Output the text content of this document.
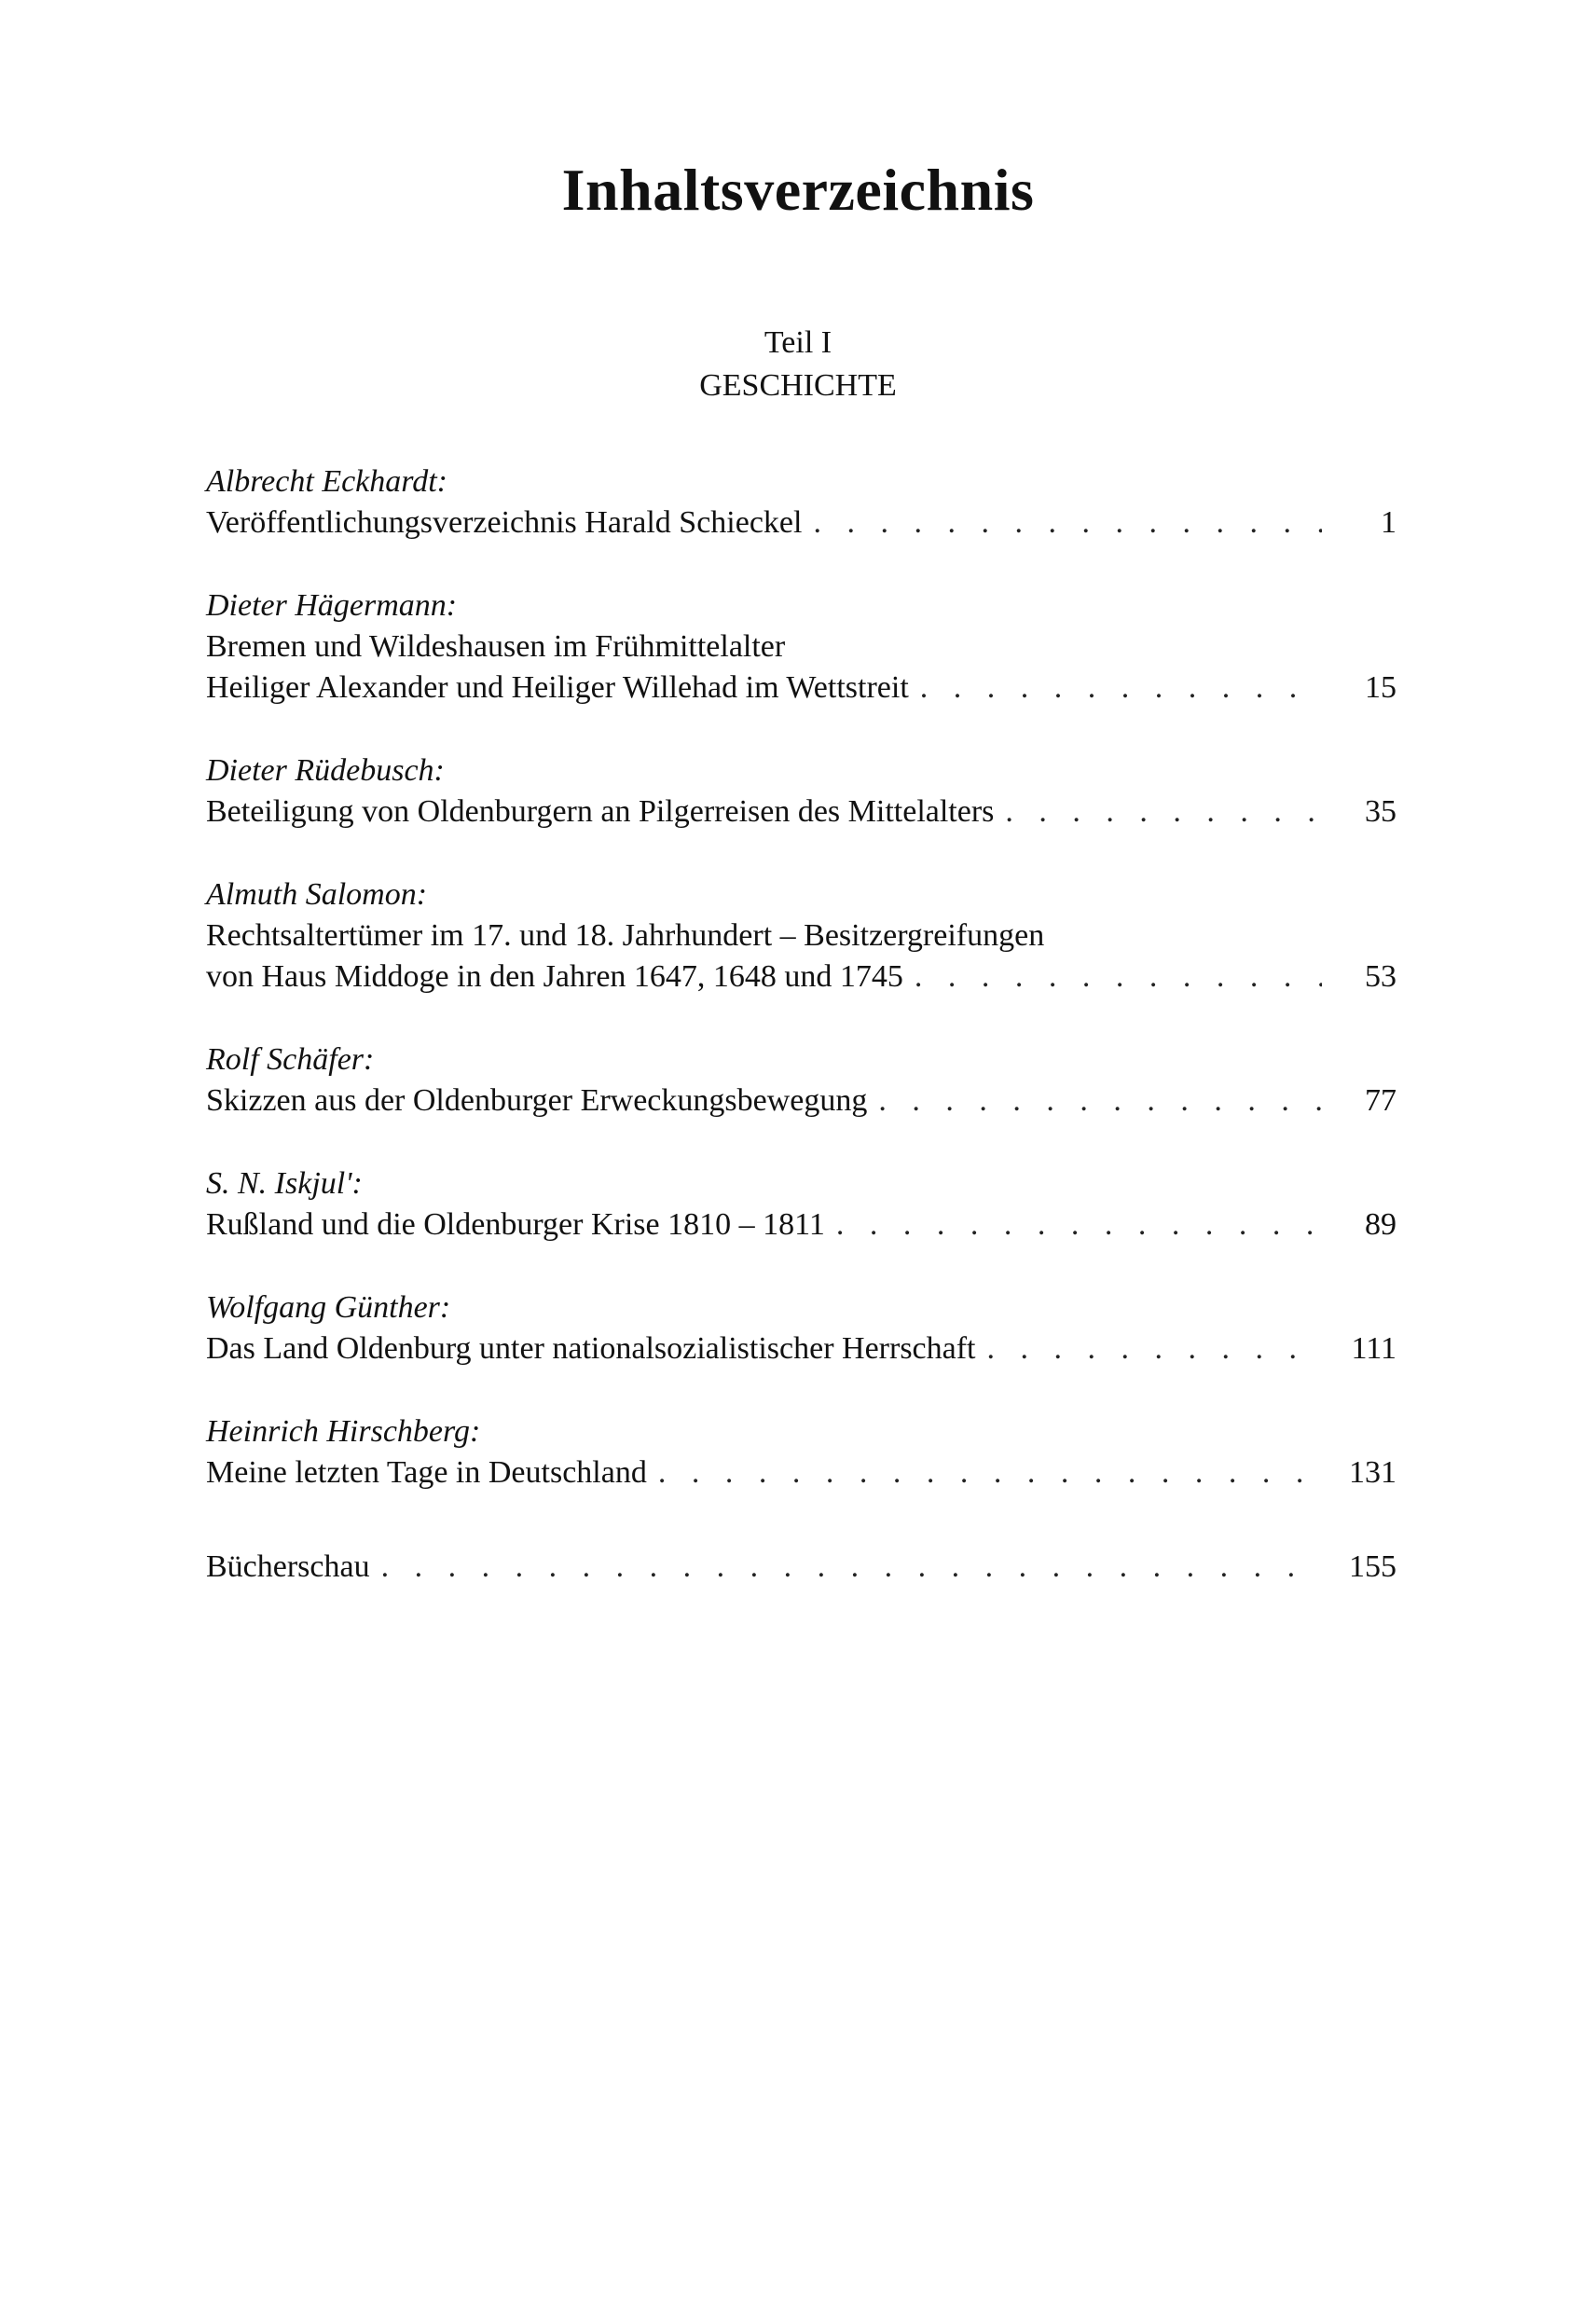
Inhaltsverzeichnis
Teil I
GESCHICHTE
Albrecht Eckhardt:
Veröffentlichungsverzeichnis Harald Schieckel . . .	1
Dieter Hägermann:
Bremen und Wildeshausen im Frühmittelalter
Heiliger Alexander und Heiliger Willehad im Wettstreit . . .	15
Dieter Rüdebusch:
Beteiligung von Oldenburgern an Pilgerreisen des Mittelalters . . .	35
Almuth Salomon:
Rechtsaltertümer im 17. und 18. Jahrhundert – Besitzergreifungen
von Haus Middoge in den Jahren 1647, 1648 und 1745 . . .	53
Rolf Schäfer:
Skizzen aus der Oldenburger Erweckungsbewegung . . .	77
S. N. Iskjul':
Rußland und die Oldenburger Krise 1810 – 1811 . . .	89
Wolfgang Günther:
Das Land Oldenburg unter nationalsozialistischer Herrschaft . . .	111
Heinrich Hirschberg:
Meine letzten Tage in Deutschland . . .	131
Bücherschau . . .	155
